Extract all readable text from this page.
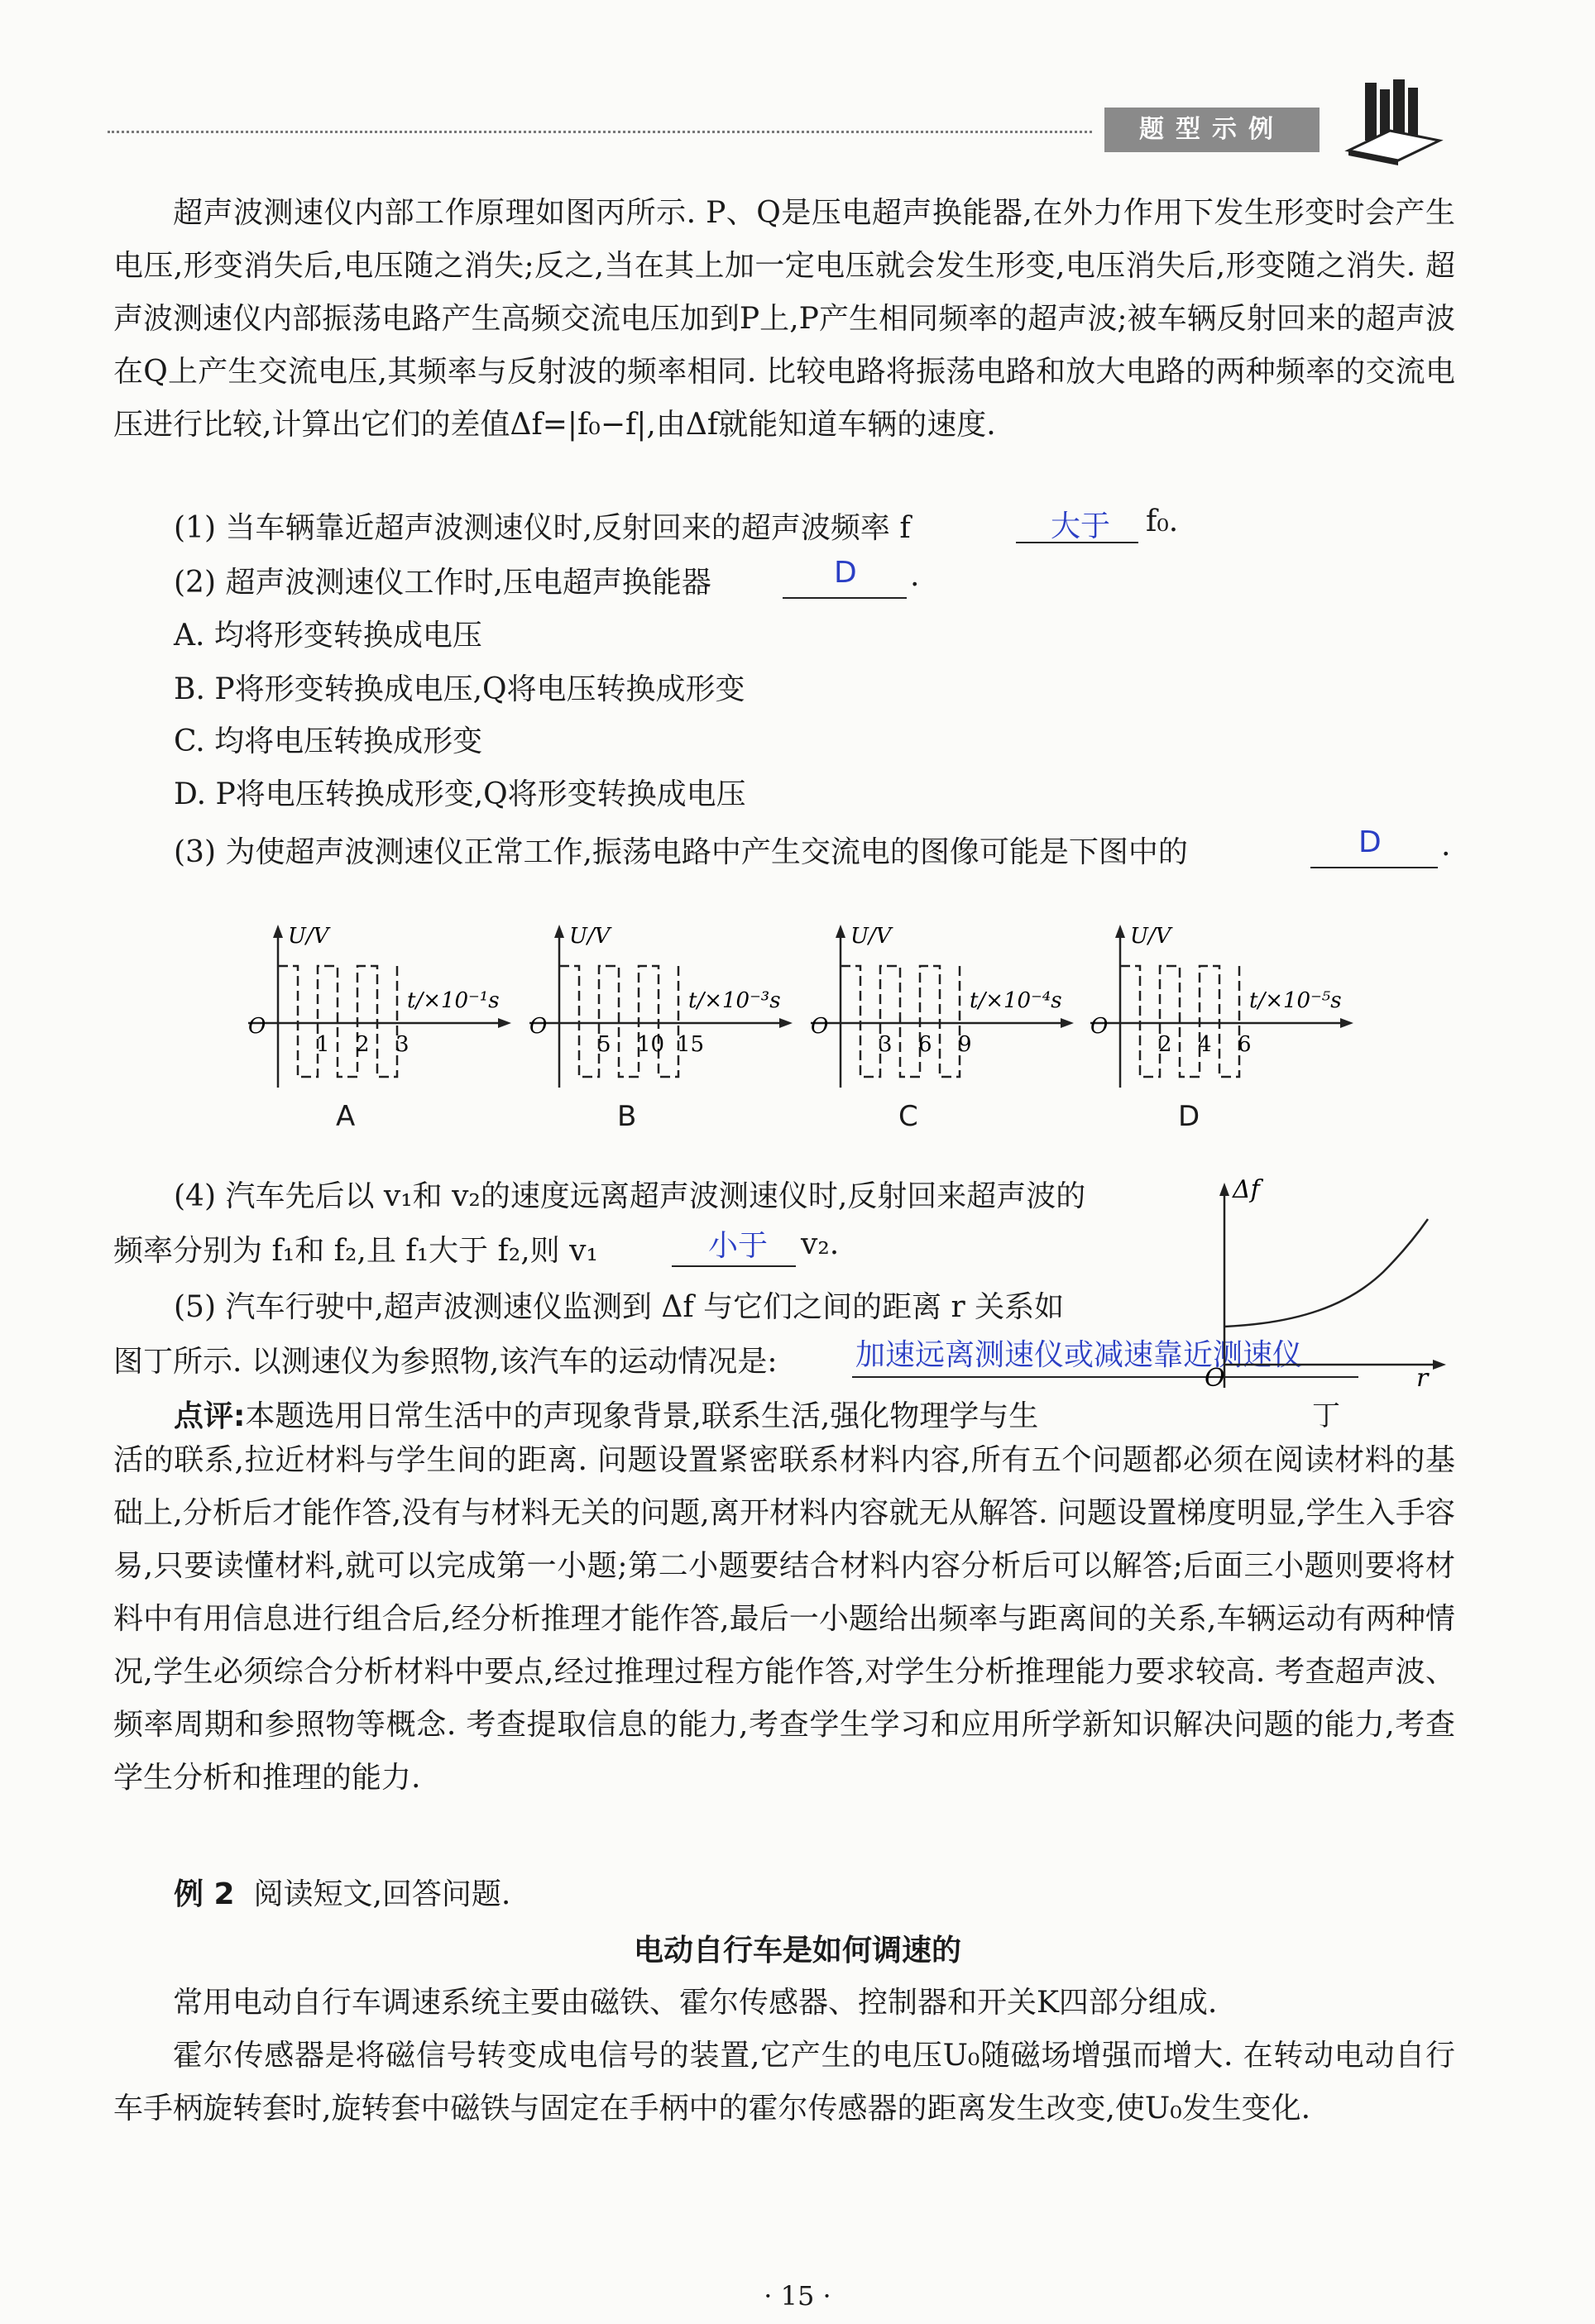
题型示例
超声波测速仪内部工作原理如图丙所示. P、Q是压电超声换能器,在外力作用下发生形变时会产生电压,形变消失后,电压随之消失;反之,当在其上加一定电压就会发生形变,电压消失后,形变随之消失. 超声波测速仪内部振荡电路产生高频交流电压加到P上,P产生相同频率的超声波;被车辆反射回来的超声波在Q上产生交流电压,其频率与反射波的频率相同. 比较电路将振荡电路和放大电路的两种频率的交流电压进行比较,计算出它们的差值Δf=|f₀−f|,由Δf就能知道车辆的速度.
(1) 当车辆靠近超声波测速仪时,反射回来的超声波频率 f	大于 f₀.
(2) 超声波测速仪工作时,压电超声换能器	D .
A. 均将形变转换成电压
B. P将形变转换成电压,Q将电压转换成形变
C. 均将电压转换成形变
D. P将电压转换成形变,Q将形变转换成电压
(3) 为使超声波测速仪正常工作,振荡电路中产生交流电的图像可能是下图中的	D .
U/V
O
t/×10⁻¹s
1 2 3
A
U/V
O
t/×10⁻³s
5 10 15
B
U/V
O
t/×10⁻⁴s
3 6 9
C
U/V
O
t/×10⁻⁵s
2 4 6
D
(4) 汽车先后以 v₁和 v₂的速度远离超声波测速仪时,反射回来超声波的
频率分别为 f₁和 f₂,且 f₁大于 f₂,则 v₁	小于 v₂.
(5) 汽车行驶中,超声波测速仪监测到 Δf 与它们之间的距离 r 关系如
图丁所示. 以测速仪为参照物,该汽车的运动情况是:	加速远离测速仪或减速靠近测速仪
Δf
O	r
丁
点评:本题选用日常生活中的声现象背景,联系生活,强化物理学与生
活的联系,拉近材料与学生间的距离. 问题设置紧密联系材料内容,所有五个问题都必须在阅读材料的基础上,分析后才能作答,没有与材料无关的问题,离开材料内容就无从解答. 问题设置梯度明显,学生入手容易,只要读懂材料,就可以完成第一小题;第二小题要结合材料内容分析后可以解答;后面三小题则要将材料中有用信息进行组合后,经分析推理才能作答,最后一小题给出频率与距离间的关系,车辆运动有两种情况,学生必须综合分析材料中要点,经过推理过程方能作答,对学生分析推理能力要求较高. 考查超声波、频率周期和参照物等概念. 考查提取信息的能力,考查学生学习和应用所学新知识解决问题的能力,考查学生分析和推理的能力.
例 2 阅读短文,回答问题.
电动自行车是如何调速的
常用电动自行车调速系统主要由磁铁、霍尔传感器、控制器和开关K四部分组成.
霍尔传感器是将磁信号转变成电信号的装置,它产生的电压U₀随磁场增强而增大. 在转动电动自行车手柄旋转套时,旋转套中磁铁与固定在手柄中的霍尔传感器的距离发生改变,使U₀发生变化.
· 15 ·
